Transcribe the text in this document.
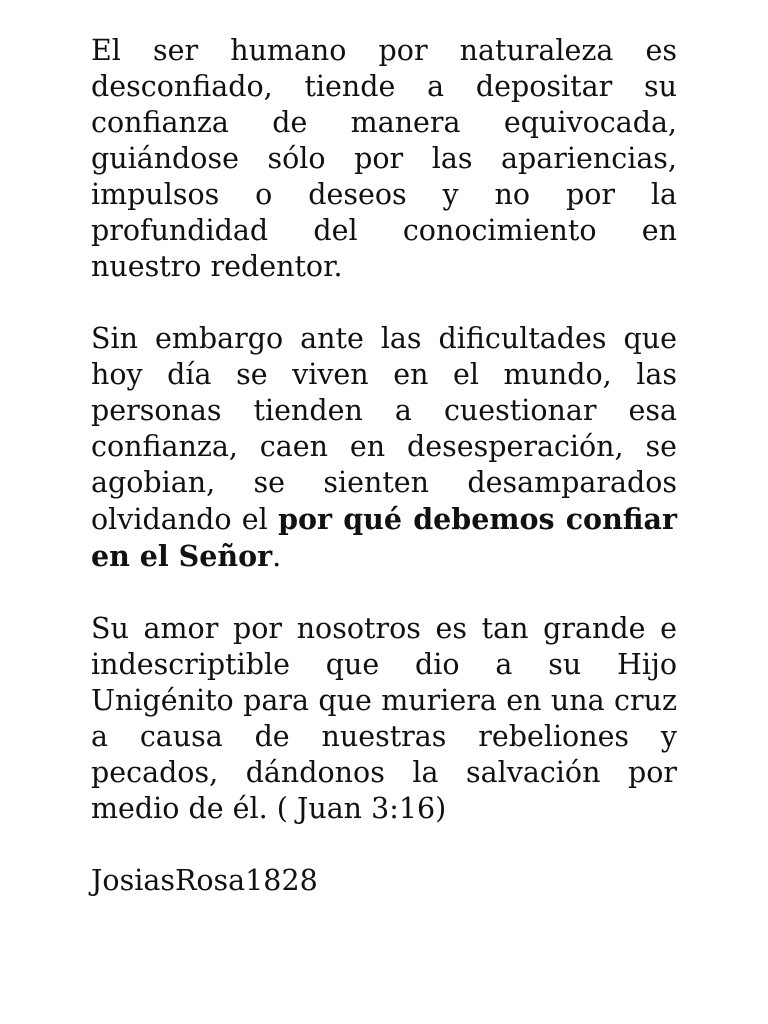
El ser humano por naturaleza es desconfiado, tiende a depositar su confianza de manera equivocada, guiándose sólo por las apariencias, impulsos o deseos y no por la profundidad del conocimiento en nuestro redentor.

Sin embargo ante las dificultades que hoy día se viven en el mundo, las personas tienden a cuestionar esa confianza, caen en desesperación, se agobian, se sienten desamparados olvidando el por qué debemos confiar en el Señor.

Su amor por nosotros es tan grande e indescriptible que dio a su Hijo Unigénito para que muriera en una cruz a causa de nuestras rebeliones y pecados, dándonos la salvación por medio de él. ( Juan 3:16)

JosiasRosa1828
